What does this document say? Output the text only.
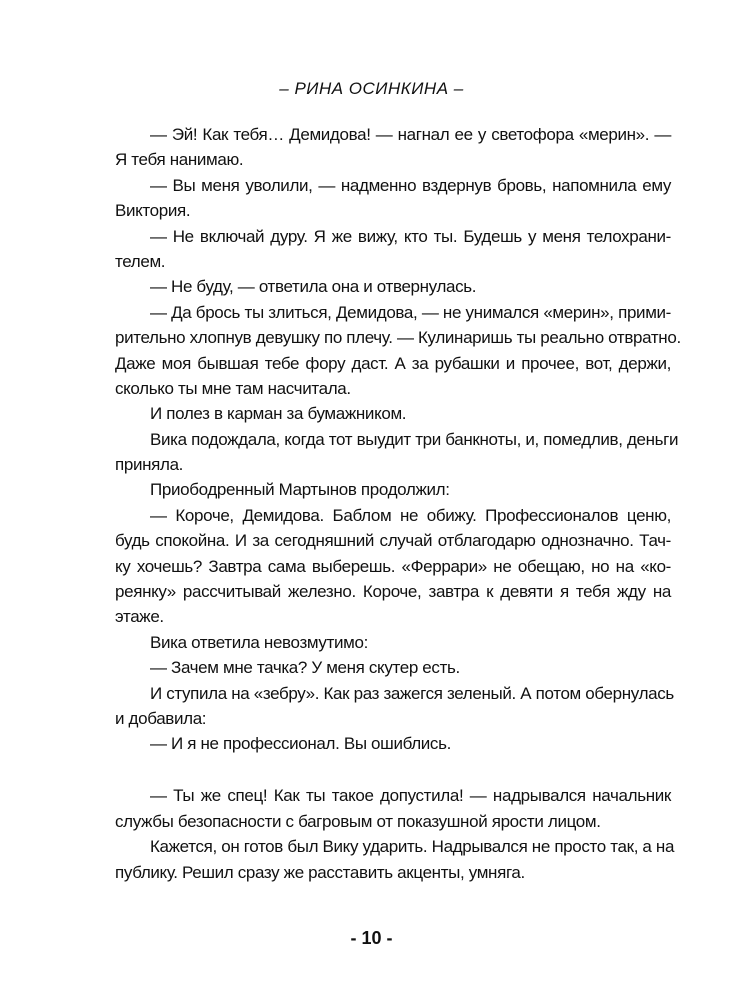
– РИНА ОСИНКИНА –
— Эй! Как тебя… Демидова! — нагнал ее у светофора «мерин». —
Я тебя нанимаю.
— Вы меня уволили, — надменно вздернув бровь, напомнила ему
Виктория.
— Не включай дуру. Я же вижу, кто ты. Будешь у меня телохрани-
телем.
— Не буду, — ответила она и отвернулась.
— Да брось ты злиться, Демидова, — не унимался «мерин», прими-
рительно хлопнув девушку по плечу. — Кулинаришь ты реально отвратно.
Даже моя бывшая тебе фору даст. А за рубашки и прочее, вот, держи,
сколько ты мне там насчитала.
И полез в карман за бумажником.
Вика подождала, когда тот выудит три банкноты, и, помедлив, деньги
приняла.
Приободренный Мартынов продолжил:
— Короче, Демидова. Баблом не обижу. Профессионалов ценю,
будь спокойна. И за сегодняшний случай отблагодарю однозначно. Тач-
ку хочешь? Завтра сама выберешь. «Феррари» не обещаю, но на «ко-
реянку» рассчитывай железно. Короче, завтра к девяти я тебя жду на
этаже.
Вика ответила невозмутимо:
— Зачем мне тачка? У меня скутер есть.
И ступила на «зебру». Как раз зажегся зеленый. А потом обернулась
и добавила:
— И я не профессионал. Вы ошиблись.
— Ты же спец! Как ты такое допустила! — надрывался начальник
службы безопасности с багровым от показушной ярости лицом.
Кажется, он готов был Вику ударить. Надрывался не просто так, а на
публику. Решил сразу же расставить акценты, умняга.
- 10 -
